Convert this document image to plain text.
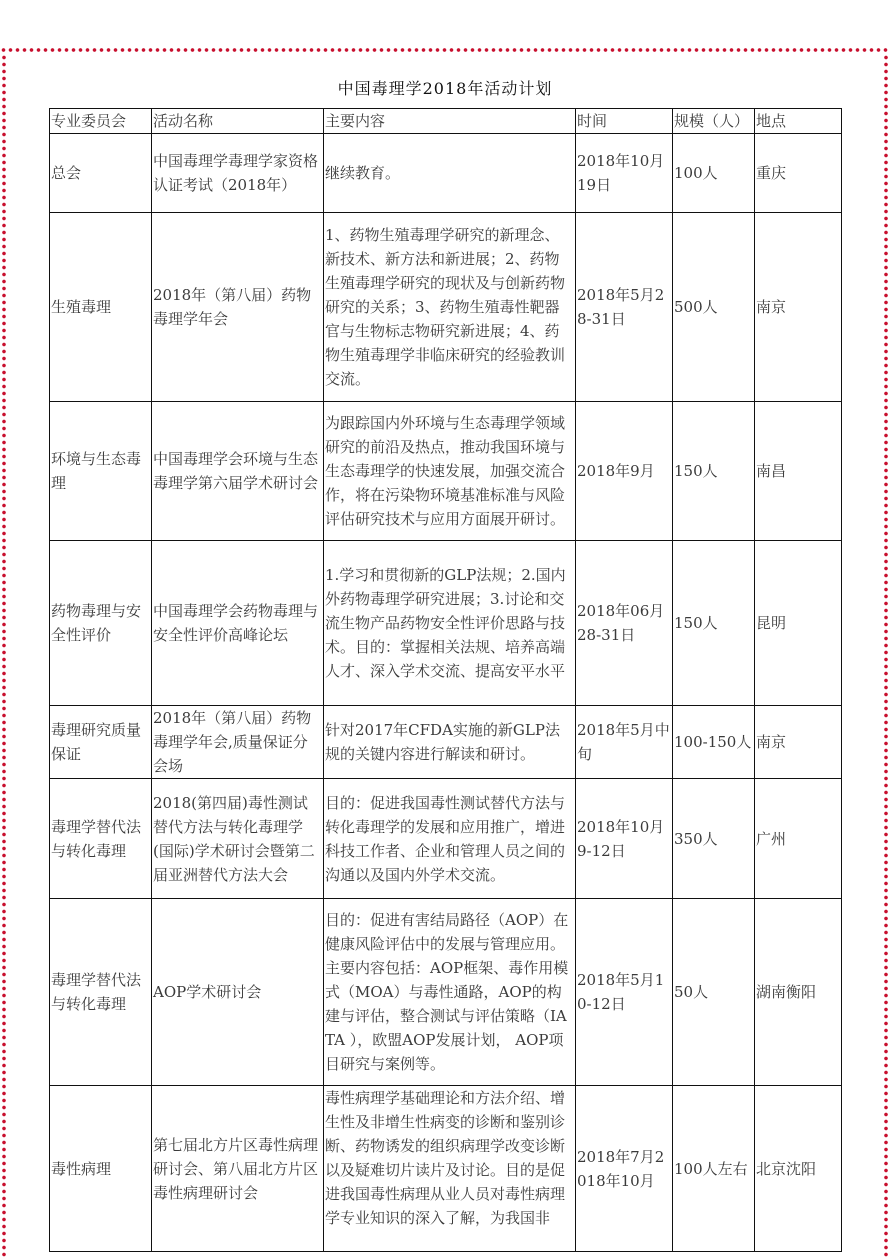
中国毒理学2018年活动计划
专业委员会	活动名称	主要内容	时间	规模（人）	地点
总会	中国毒理学毒理学家资格认证考试（2018年）	继续教育。	2018年10月19日	100人	重庆
生殖毒理	2018年（第八届）药物毒理学年会	1、药物生殖毒理学研究的新理念、新技术、新方法和新进展；2、药物生殖毒理学研究的现状及与创新药物研究的关系；3、药物生殖毒性靶器官与生物标志物研究新进展；4、药物生殖毒理学非临床研究的经验教训交流。	2018年5月28-31日	500人	南京
环境与生态毒理	中国毒理学会环境与生态毒理学第六届学术研讨会	为跟踪国内外环境与生态毒理学领域研究的前沿及热点，推动我国环境与生态毒理学的快速发展，加强交流合作，将在污染物环境基准标准与风险评估研究技术与应用方面展开研讨。	2018年9月	150人	南昌
药物毒理与安全性评价	中国毒理学会药物毒理与安全性评价高峰论坛	1.学习和贯彻新的GLP法规；2.国内外药物毒理学研究进展；3.讨论和交流生物产品药物安全性评价思路与技术。目的：掌握相关法规、培养高端人才、深入学术交流、提高安平水平	2018年06月28-31日	150人	昆明
毒理研究质量保证	2018年（第八届）药物毒理学年会,质量保证分会场	针对2017年CFDA实施的新GLP法规的关键内容进行解读和研讨。	2018年5月中旬	100-150人	南京
毒理学替代法与转化毒理	2018(第四届)毒性测试替代方法与转化毒理学(国际)学术研讨会暨第二届亚洲替代方法大会	目的：促进我国毒性测试替代方法与转化毒理学的发展和应用推广，增进科技工作者、企业和管理人员之间的沟通以及国内外学术交流。	2018年10月9-12日	350人	广州
毒理学替代法与转化毒理	AOP学术研讨会	目的：促进有害结局路径（AOP）在健康风险评估中的发展与管理应用。主要内容包括：AOP框架、毒作用模式（MOA）与毒性通路，AOP的构建与评估，整合测试与评估策略（IATA ），欧盟AOP发展计划， AOP项目研究与案例等。	2018年5月10-12日	50人	湖南衡阳

毒性病理	第七届北方片区毒性病理研讨会、第八届北方片区毒性病理研讨会	毒性病理学基础理论和方法介绍、增生性及非增生性病变的诊断和鉴别诊断、药物诱发的组织病理学改变诊断以及疑难切片读片及讨论。目的是促进我国毒性病理从业人员对毒性病理学专业知识的深入了解，为我国非	2018年7月2018年10月	100人左右	北京沈阳
